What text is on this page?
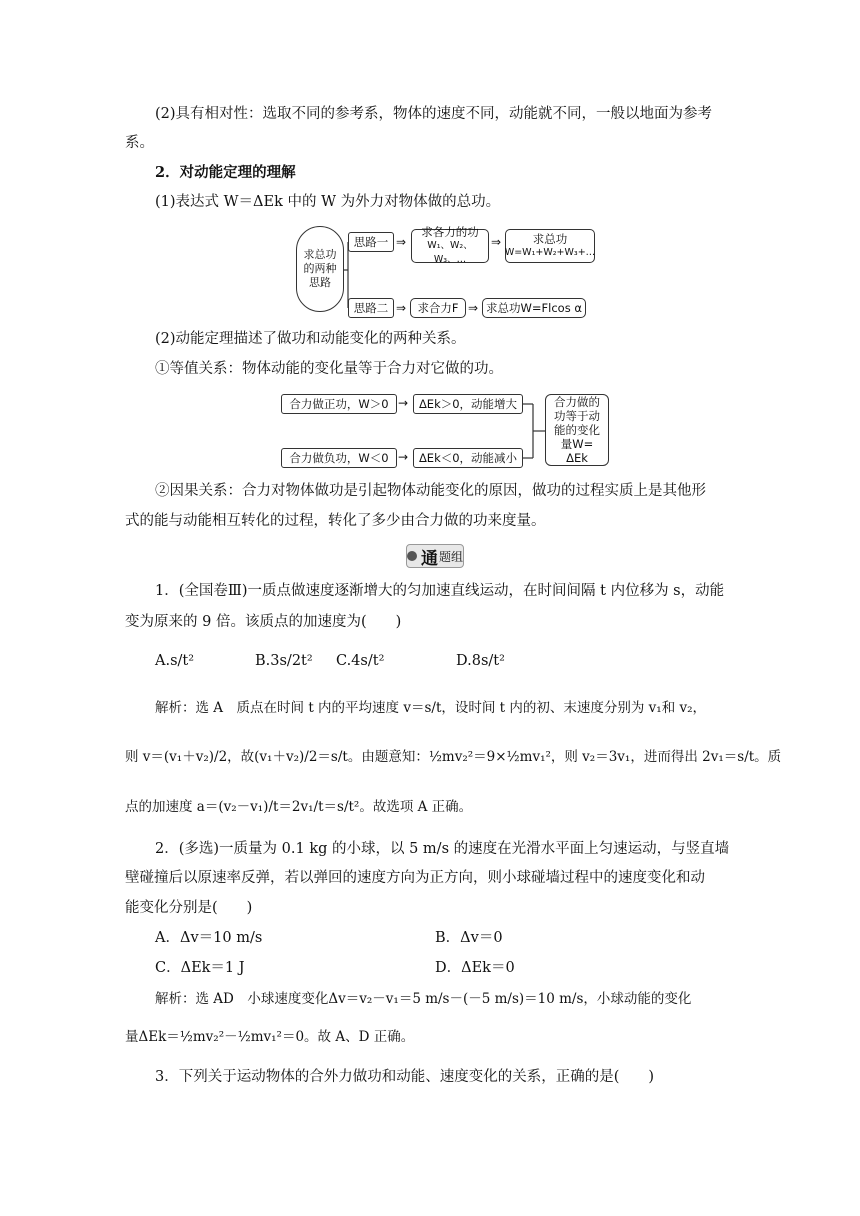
(2)具有相对性：选取不同的参考系，物体的速度不同，动能就不同，一般以地面为参考
系。
2．对动能定理的理解
(1)表达式 W＝ΔEk 中的 W 为外力对物体做的总功。
求总功的两种思路
思路一 ⇒
求各力的功
W₁、W₂、W₃、…
⇒	求总功
W=W₁+W₂+W₃+…
思路二 ⇒ 求合力F ⇒ 求总功W=Flcos α
(2)动能定理描述了做功和动能变化的两种关系。
①等值关系：物体动能的变化量等于合力对它做的功。
合力做正功，W＞0 → ΔEk＞0，动能增大
合力做负功，W＜0 → ΔEk＜0，动能减小
合力做的功等于动能的变化量W= ΔEk
②因果关系：合力对物体做功是引起物体动能变化的原因，做功的过程实质上是其他形
式的能与动能相互转化的过程，转化了多少由合力做的功来度量。
通 题组
1．(全国卷Ⅲ)一质点做速度逐渐增大的匀加速直线运动，在时间间隔 t 内位移为 s，动能
变为原来的 9 倍。该质点的加速度为(　　)
A.s/t²	B.3s/2t² C.4s/t²	D.8s/t²
解析：选 A　质点在时间 t 内的平均速度 v＝s/t，设时间 t 内的初、末速度分别为 v₁和 v₂，
则 v＝(v₁＋v₂)/2，故(v₁＋v₂)/2＝s/t。由题意知：½mv₂²＝9×½mv₁²，则 v₂＝3v₁，进而得出 2v₁＝s/t。质
点的加速度 a＝(v₂－v₁)/t＝2v₁/t＝s/t²。故选项 A 正确。
2．(多选)一质量为 0.1 kg 的小球，以 5 m/s 的速度在光滑水平面上匀速运动，与竖直墙
壁碰撞后以原速率反弹，若以弹回的速度方向为正方向，则小球碰墙过程中的速度变化和动
能变化分别是(　　)
A．Δv＝10 m/s	B．Δv＝0
C．ΔEk＝1 J	D．ΔEk＝0
解析：选 AD　小球速度变化Δv＝v₂－v₁＝5 m/s－(－5 m/s)＝10 m/s，小球动能的变化
量ΔEk＝½mv₂²－½mv₁²＝0。故 A、D 正确。
3．下列关于运动物体的合外力做功和动能、速度变化的关系，正确的是(　　)
